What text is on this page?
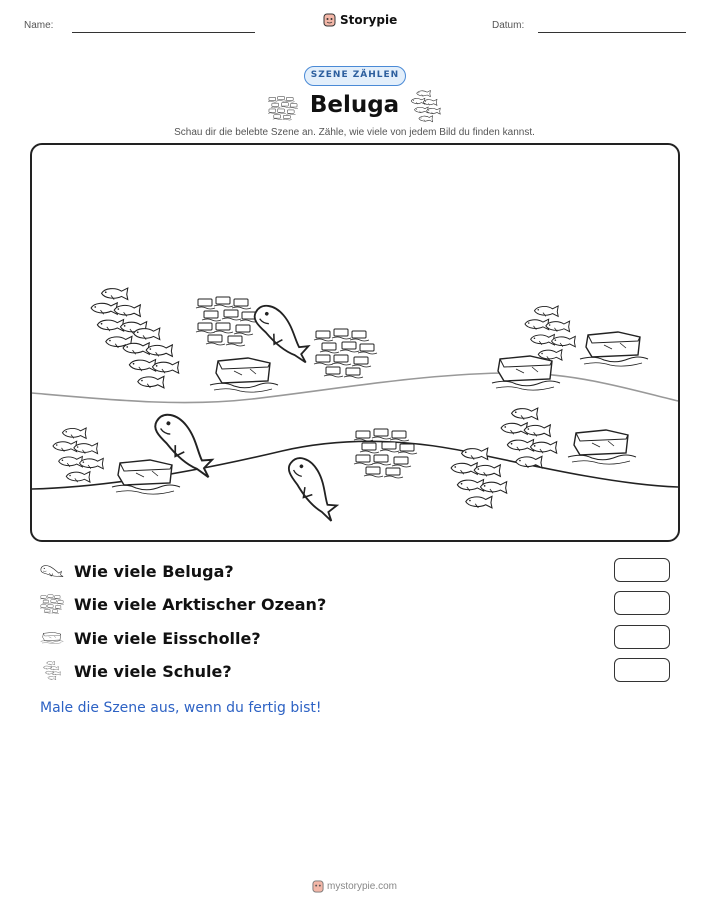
Name:	Storypie	Datum:
SZENE ZÄHLEN
Beluga
Schau dir die belebte Szene an. Zähle, wie viele von jedem Bild du finden kannst.
Wie viele Beluga?
Wie viele Arktischer Ozean?
Wie viele Eisscholle?
Wie viele Schule?
Male die Szene aus, wenn du fertig bist!
mystorypie.com
